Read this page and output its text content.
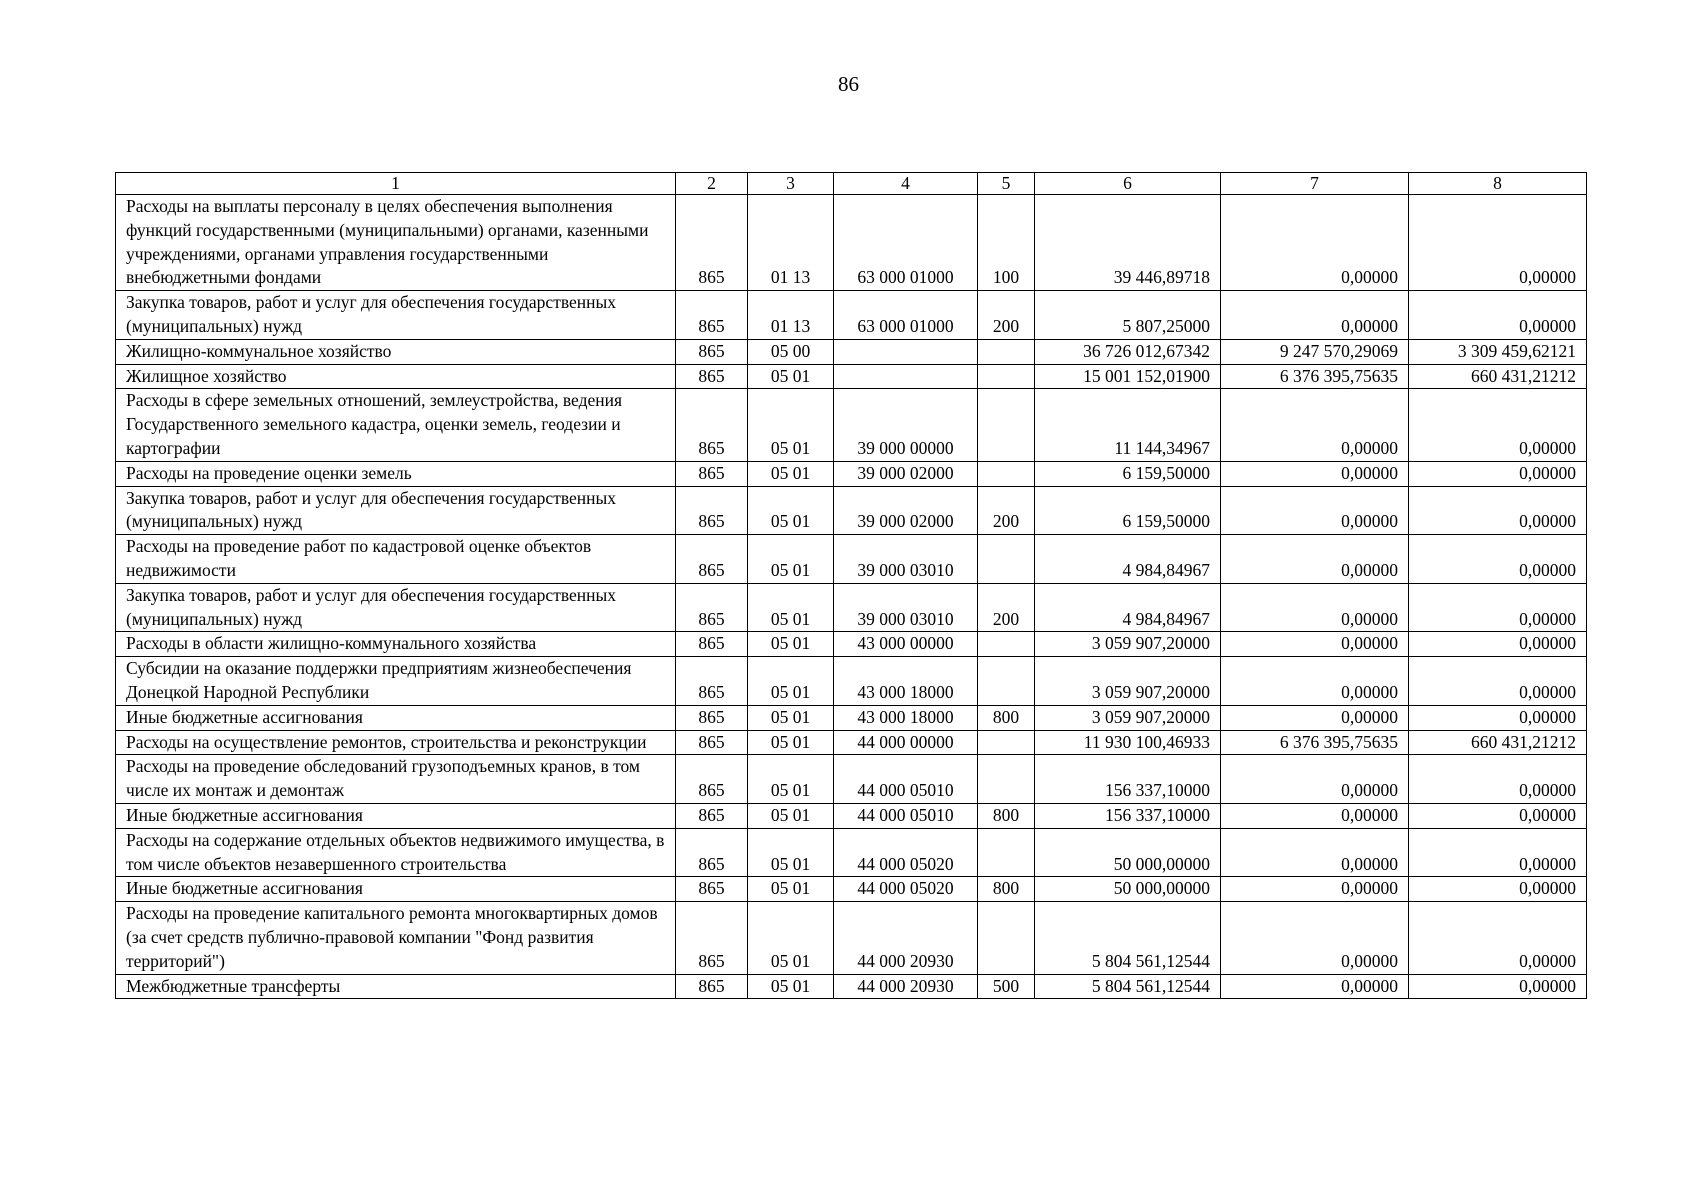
86
1	2	3	4	5	6	7	8
Расходы на выплаты персоналу в целях обеспечения выполнения функций государственными (муниципальными) органами, казенными учреждениями, органами управления государственными внебюджетными фондами	865	01 13	63 000 01000	100	39 446,89718	0,00000	0,00000
Закупка товаров, работ и услуг для обеспечения государственных (муниципальных) нужд	865	01 13	63 000 01000	200	5 807,25000	0,00000	0,00000
Жилищно-коммунальное хозяйство	865	05 00			36 726 012,67342	9 247 570,29069	3 309 459,62121
Жилищное хозяйство	865	05 01			15 001 152,01900	6 376 395,75635	660 431,21212
Расходы в сфере земельных отношений, землеустройства, ведения Государственного земельного кадастра, оценки земель, геодезии и картографии	865	05 01	39 000 00000		11 144,34967	0,00000	0,00000
Расходы на проведение оценки земель	865	05 01	39 000 02000		6 159,50000	0,00000	0,00000
Закупка товаров, работ и услуг для обеспечения государственных (муниципальных) нужд	865	05 01	39 000 02000	200	6 159,50000	0,00000	0,00000
Расходы на проведение работ по кадастровой оценке объектов недвижимости	865	05 01	39 000 03010		4 984,84967	0,00000	0,00000
Закупка товаров, работ и услуг для обеспечения государственных (муниципальных) нужд	865	05 01	39 000 03010	200	4 984,84967	0,00000	0,00000
Расходы в области жилищно-коммунального хозяйства	865	05 01	43 000 00000		3 059 907,20000	0,00000	0,00000
Субсидии на оказание поддержки предприятиям жизнеобеспечения Донецкой Народной Республики	865	05 01	43 000 18000		3 059 907,20000	0,00000	0,00000
Иные бюджетные ассигнования	865	05 01	43 000 18000	800	3 059 907,20000	0,00000	0,00000
Расходы на осуществление ремонтов, строительства и реконструкции	865	05 01	44 000 00000		11 930 100,46933	6 376 395,75635	660 431,21212
Расходы на проведение обследований грузоподъемных кранов, в том числе их монтаж и демонтаж	865	05 01	44 000 05010		156 337,10000	0,00000	0,00000
Иные бюджетные ассигнования	865	05 01	44 000 05010	800	156 337,10000	0,00000	0,00000
Расходы на содержание отдельных объектов недвижимого имущества, в том числе объектов незавершенного строительства	865	05 01	44 000 05020		50 000,00000	0,00000	0,00000
Иные бюджетные ассигнования	865	05 01	44 000 05020	800	50 000,00000	0,00000	0,00000
Расходы на проведение капитального ремонта многоквартирных домов (за счет средств публично-правовой компании "Фонд развития территорий")	865	05 01	44 000 20930		5 804 561,12544	0,00000	0,00000
Межбюджетные трансферты	865	05 01	44 000 20930	500	5 804 561,12544	0,00000	0,00000
